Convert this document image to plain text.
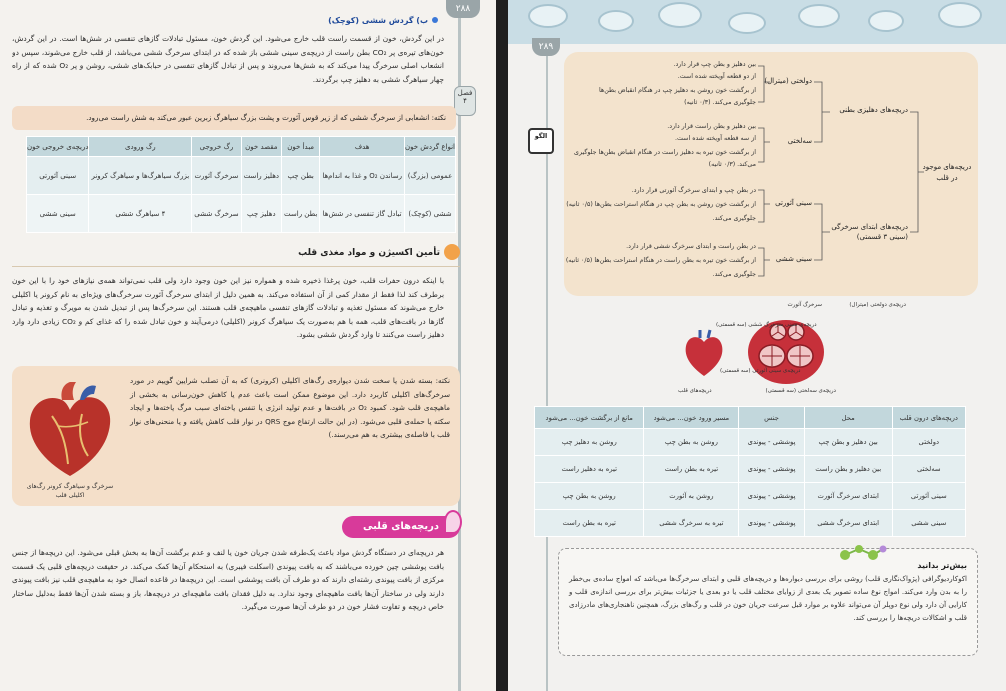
۲۸۸
فصل ۴
ب) گردش ششی (کوچک)
در این گردش، خون از قسمت راست قلب خارج می‌شود. این گردش خون، مسئول تبادلات گازهای تنفسی در شش‌ها است. در این گردش، خون‌های تیره‌ی پر CO₂ بطن راست از دریچه‌ی سینی ششی باز شده که در ابتدای سرخرگ ششی می‌باشد، از قلب خارج می‌شوند، سپس دو انشعاب اصلی سرخرگ پیدا می‌کند که به شش‌ها می‌روند و پس از تبادل گازهای تنفسی در حبابک‌های ششی، روشن و پر O₂ شده که از راه چهار سیاهرگ ششی به دهلیز چپ برگردند.
نکته: انشعابی از سرخرگ ششی که از زیر قوس آئورت و پشت بزرگ سیاهرگ زبرین عبور می‌کند به شش راست می‌رود.
انواع گردش خون	هدف	مبدأ خون	مقصد خون	رگ خروجی	رگ ورودی	دریچه‌ی خروجی خون
عمومی (بزرگ)	رساندن O₂ و غذا به اندام‌ها	بطن چپ	دهلیز راست	سرخرگ آئورت	بزرگ سیاهرگ‌ها و سیاهرگ کرونر	سینی آئورتی
ششی (کوچک)	تبادل گاز تنفسی در شش‌ها	بطن راست	دهلیز چپ	سرخرگ ششی	۴ سیاهرگ ششی	سینی ششی
تأمین اکسیژن و مواد مغذی قلب
با اینکه درون حفرات قلب، خون پرغذا ذخیره شده و همواره نیز این خون وجود دارد ولی قلب نمی‌تواند همه‌ی نیازهای خود را با این خون برطرف کند لذا فقط از مقدار کمی از آن استفاده می‌کند. به همین دلیل از ابتدای سرخرگ آئورت سرخرگ‌های ویژه‌ای به نام کرونر یا اکلیلی خارج می‌شوند که مسئول تغذیه و تبادلات گازهای تنفسی ماهیچه‌ی قلب هستند. این سرخرگ‌ها پس از تبدیل شدن به مویرگ و تغذیه و تبادل گازها در بافت‌های قلب، همه با هم به‌صورت یک سیاهرگ کرونر (اکلیلی) درمی‌آیند و خون تبادل شده را که غذای کم و CO₂ زیادی دارد وارد دهلیز راست می‌کنند تا وارد گردش ششی بشود.
نکته: بسته شدن یا سخت شدن دیواره‌ی رگ‌های اکلیلی (کرونری) که به آن تصلب شرایین گوییم در مورد سرخرگ‌های اکلیلی کاربرد دارد. این موضوع ممکن است باعث عدم یا کاهش خون‌رسانی به بخشی از ماهیچه‌ی قلب شود. کمبود O₂ در بافت‌ها و عدم تولید انرژی یا تنفس یاخته‌ای سبب مرگ یاخته‌ها و ایجاد سکته یا حمله‌ی قلبی می‌شود. (در این حالت ارتفاع موج QRS در نوار قلب کاهش یافته و یا منحنی‌های نوار قلب با فاصله‌ی بیشتری به هم می‌رسند.)
سرخرگ و سیاهرگ کرونر رگ‌های اکلیلی قلب
دریچه‌های قلبی
هر دریچه‌ای در دستگاه گردش مواد باعث یک‌طرفه شدن جریان خون یا لنف و عدم برگشت آن‌ها به بخش قبلی می‌شود. این دریچه‌ها از جنس بافت پوششی چین خورده می‌باشند که به بافت پیوندی (اسکلت فیبری) به استحکام آن‌ها کمک می‌کند. در حقیقت دریچه‌های قلبی یک قسمت مرکزی از بافت پیوندی رشته‌ای دارند که دو طرف آن بافت پوششی است. این دریچه‌ها در قاعده اتصال خود به ماهیچه‌ی قلب نیز بافت پیوندی دارند ولی در ساختار آن‌ها بافت ماهیچه‌ای وجود ندارد. به دلیل فقدان بافت ماهیچه‌ای در دریچه‌ها، باز و بسته شدن آن‌ها فقط به‌دلیل ساختار خاص دریچه و تفاوت فشار خون در دو طرف آن‌ها صورت می‌گیرد.
۲۸۹
الگو
دریچه‌های موجود در قلب
دریچه‌های دهلیزی بطنی
دریچه‌های ابتدای سرخرگی (سینی ۳ قسمتی)
دولختی (میترال)
سه‌لختی
سینی آئورتی
سینی ششی
بین دهلیز و بطن چپ قرار دارد.
از دو قطعه آویخته شده است.
از برگشت خون روشن به دهلیز چپ در هنگام انقباض بطن‌ها
جلوگیری می‌کند. (۰/۳ ثانیه)
بین دهلیز و بطن راست قرار دارد.
از سه قطعه آویخته شده است.
از برگشت خون تیره به دهلیز راست در هنگام انقباض بطن‌ها جلوگیری
می‌کند. (۰/۳ ثانیه)
در بطن چپ و ابتدای سرخرگ آئورتی قرار دارد.
از برگشت خون روشن به بطن چپ در هنگام استراحت بطن‌ها (۰/۵ ثانیه)
جلوگیری می‌کند.
در بطن راست و ابتدای سرخرگ ششی قرار دارد.
از برگشت خون تیره به بطن راست در هنگام استراحت بطن‌ها (۰/۵ ثانیه)
جلوگیری می‌کند.
دریچه‌ی دولختی (میترال)
سرخرگ آئورت
دریچه‌ی سینی سرخرگ ششی (سه قسمتی)
دریچه‌ی سینی آئورتی (سه قسمتی)
دریچه‌ی سه‌لختی (سه قسمتی)
دریچه‌های قلب
دریچه‌های درون قلب	محل	جنس	مسیر ورود خون... می‌شود	مانع از برگشت خون... می‌شود
دولختی	بین دهلیز و بطن چپ	پوششی - پیوندی	روشن به بطن چپ	روشن به دهلیز چپ
سه‌لختی	بین دهلیز و بطن راست	پوششی - پیوندی	تیره به بطن راست	تیره به دهلیز راست
سینی آئورتی	ابتدای سرخرگ آئورت	پوششی - پیوندی	روشن به آئورت	روشن به بطن چپ
سینی ششی	ابتدای سرخرگ ششی	پوششی - پیوندی	تیره به سرخرگ ششی	تیره به بطن راست
بیش‌تر بدانید
اکوکاردیوگرافی (پژواک‌نگاری قلب) روشی برای بررسی دیواره‌ها و دریچه‌های قلبی و ابتدای سرخرگ‌ها می‌باشد که امواج ساده‌ی بی‌خطر را به بدن وارد می‌کند. امواج نوع ساده تصویر یک بعدی از زوایای مختلف قلب یا دو بعدی یا جزئیات بیش‌تر برای بررسی اندازه‌ی قلب و کارایی آن دارد ولی نوع دوپلر آن می‌تواند علاوه بر موارد قبل سرعت جریان خون در قلب و رگ‌های بزرگ، همچنین ناهنجاری‌های مادرزادی قلب و اشکالات دریچه‌ها را بررسی کند.
